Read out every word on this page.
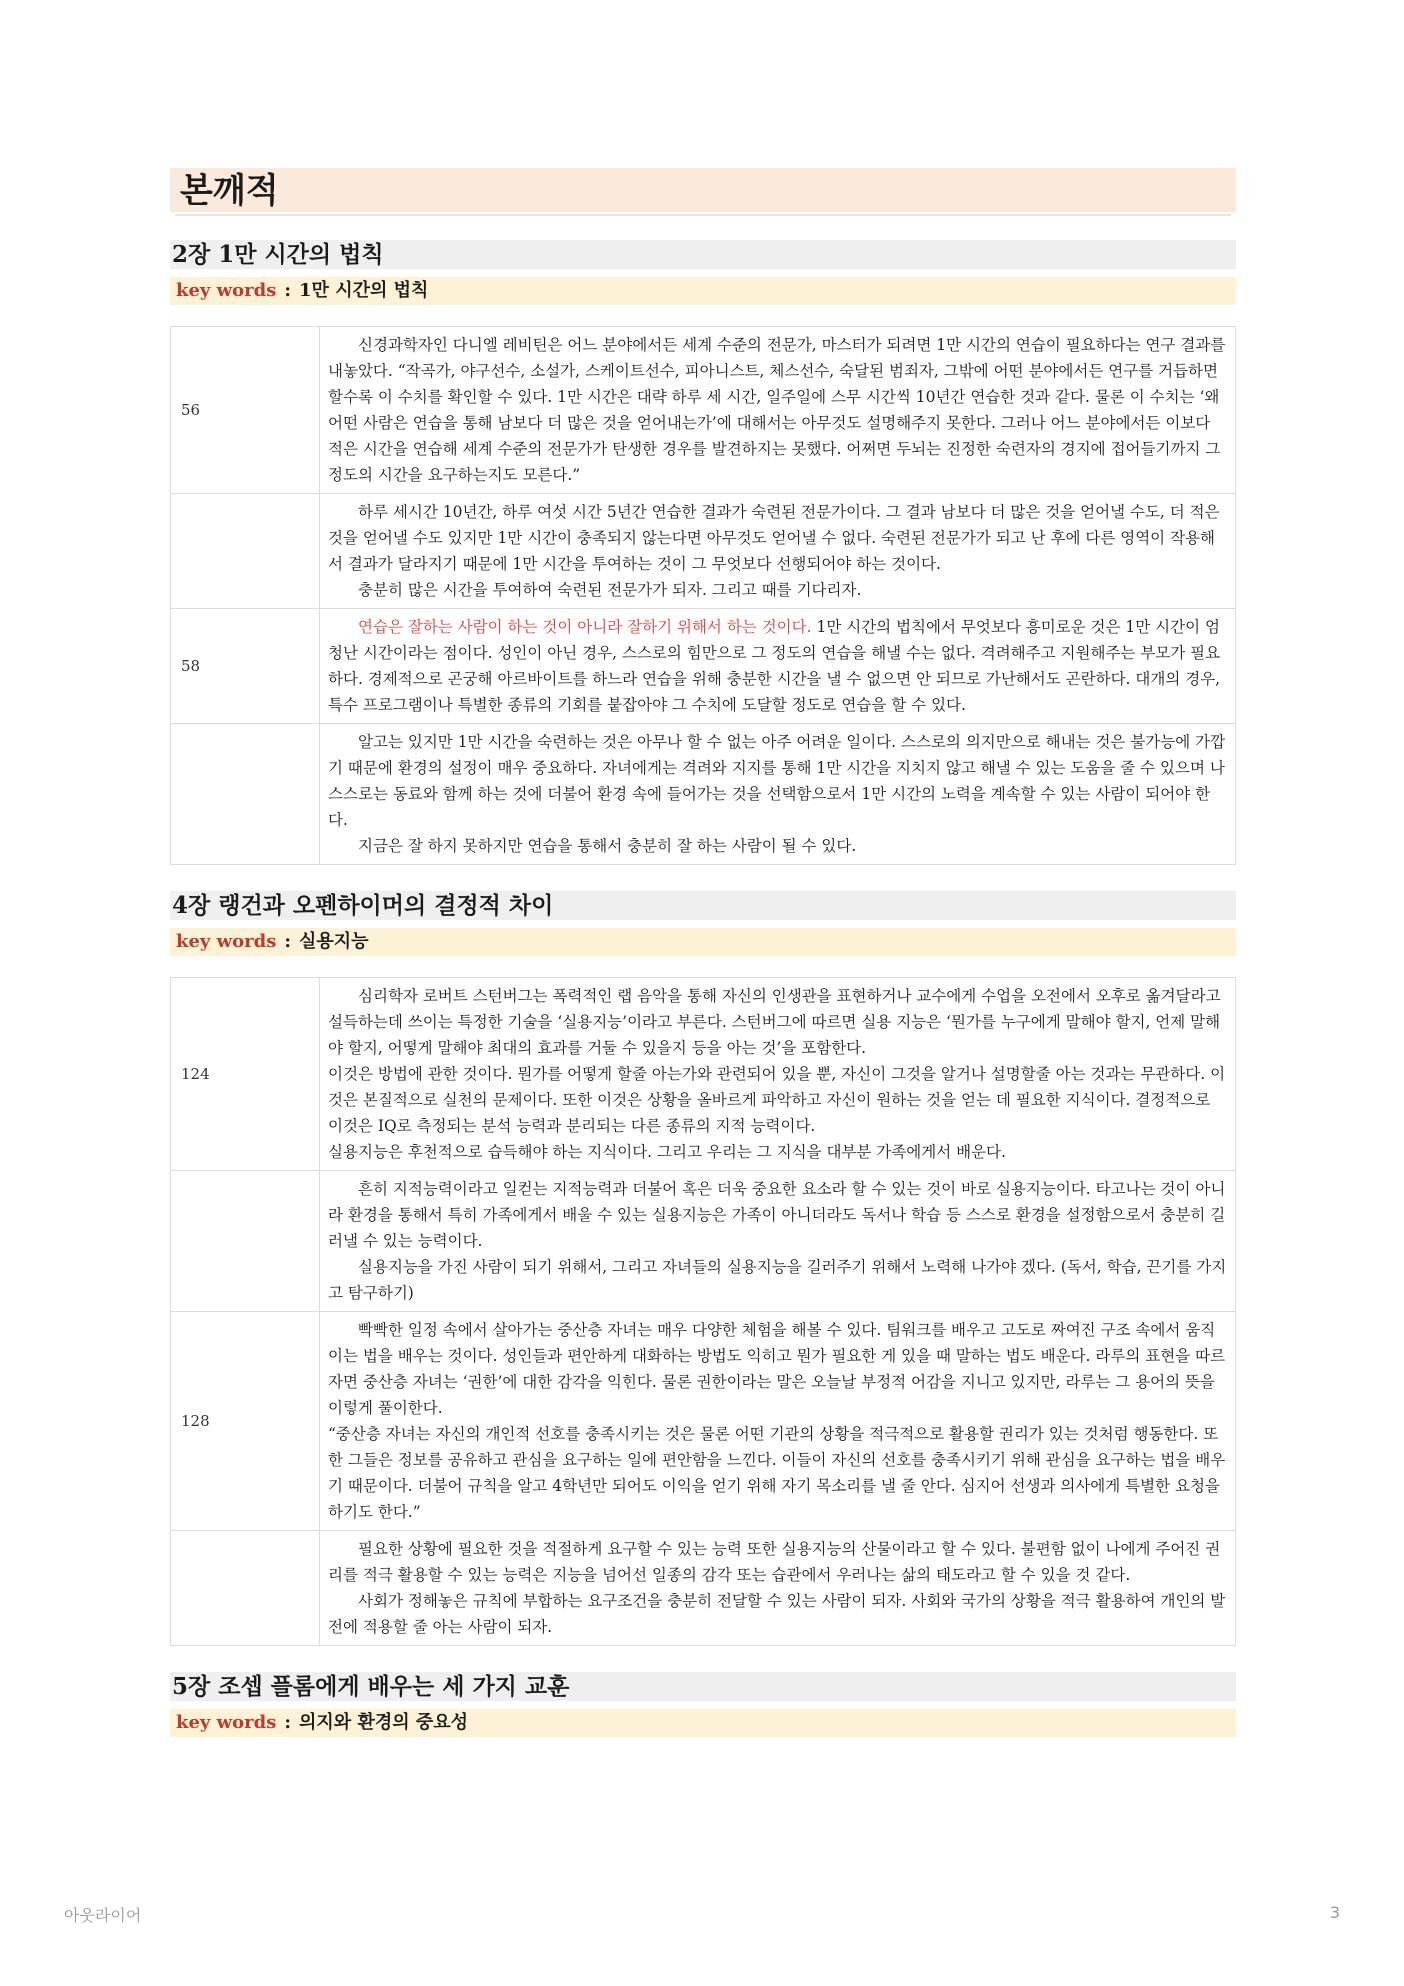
본깨적
2장 1만 시간의 법칙
key words : 1만 시간의 법칙
56	신경과학자인 다니엘 레비틴은 어느 분야에서든 세계 수준의 전문가, 마스터가 되려면 1만 시간의 연습이 필요하다는 연구 결과를 내놓았다. “작곡가, 야구선수, 소설가, 스케이트선수, 피아니스트, 체스선수, 숙달된 범죄자, 그밖에 어떤 분야에서든 연구를 거듭하면 할수록 이 수치를 확인할 수 있다. 1만 시간은 대략 하루 세 시간, 일주일에 스무 시간씩 10년간 연습한 것과 같다. 물론 이 수치는 ‘왜 어떤 사람은 연습을 통해 남보다 더 많은 것을 얻어내는가’에 대해서는 아무것도 설명해주지 못한다. 그러나 어느 분야에서든 이보다 적은 시간을 연습해 세계 수준의 전문가가 탄생한 경우를 발견하지는 못했다. 어쩌면 두뇌는 진정한 숙련자의 경지에 접어들기까지 그 정도의 시간을 요구하는지도 모른다.”

	하루 세시간 10년간, 하루 여섯 시간 5년간 연습한 결과가 숙련된 전문가이다. 그 결과 남보다 더 많은 것을 얻어낼 수도, 더 적은 것을 얻어낼 수도 있지만 1만 시간이 충족되지 않는다면 아무것도 얻어낼 수 없다. 숙련된 전문가가 되고 난 후에 다른 영역이 작용해서 결과가 달라지기 때문에 1만 시간을 투여하는 것이 그 무엇보다 선행되어야 하는 것이다.
충분히 많은 시간을 투여하여 숙련된 전문가가 되자. 그리고 때를 기다리자.

58	연습은 잘하는 사람이 하는 것이 아니라 잘하기 위해서 하는 것이다. 1만 시간의 법칙에서 무엇보다 흥미로운 것은 1만 시간이 엄청난 시간이라는 점이다. 성인이 아닌 경우, 스스로의 힘만으로 그 정도의 연습을 해낼 수는 없다. 격려해주고 지원해주는 부모가 필요하다. 경제적으로 곤궁해 아르바이트를 하느라 연습을 위해 충분한 시간을 낼 수 없으면 안 되므로 가난해서도 곤란하다. 대개의 경우, 특수 프로그램이나 특별한 종류의 기회를 붙잡아야 그 수치에 도달할 정도로 연습을 할 수 있다.

	알고는 있지만 1만 시간을 숙련하는 것은 아무나 할 수 없는 아주 어려운 일이다. 스스로의 의지만으로 해내는 것은 불가능에 가깝기 때문에 환경의 설정이 매우 중요하다. 자녀에게는 격려와 지지를 통해 1만 시간을 지치지 않고 해낼 수 있는 도움을 줄 수 있으며 나 스스로는 동료와 함께 하는 것에 더불어 환경 속에 들어가는 것을 선택함으로서 1만 시간의 노력을 계속할 수 있는 사람이 되어야 한다.
지금은 잘 하지 못하지만 연습을 통해서 충분히 잘 하는 사람이 될 수 있다.
4장 랭건과 오펜하이머의 결정적 차이
key words : 실용지능
124	심리학자 로버트 스턴버그는 폭력적인 랩 음악을 통해 자신의 인생관을 표현하거나 교수에게 수업을 오전에서 오후로 옮겨달라고 설득하는데 쓰이는 특정한 기술을 ‘실용지능’이라고 부른다. 스턴버그에 따르면 실용 지능은 ‘뭔가를 누구에게 말해야 할지, 언제 말해야 할지, 어떻게 말해야 최대의 효과를 거둘 수 있을지 등을 아는 것’을 포함한다.
이것은 방법에 관한 것이다. 뭔가를 어떻게 할줄 아는가와 관련되어 있을 뿐, 자신이 그것을 알거나 설명할줄 아는 것과는 무관하다. 이것은 본질적으로 실천의 문제이다. 또한 이것은 상황을 올바르게 파악하고 자신이 원하는 것을 얻는 데 필요한 지식이다. 결정적으로 이것은 IQ로 측정되는 분석 능력과 분리되는 다른 종류의 지적 능력이다.
실용지능은 후천적으로 습득해야 하는 지식이다. 그리고 우리는 그 지식을 대부분 가족에게서 배운다.

	흔히 지적능력이라고 일컫는 지적능력과 더불어 혹은 더욱 중요한 요소라 할 수 있는 것이 바로 실용지능이다. 타고나는 것이 아니라 환경을 통해서 특히 가족에게서 배울 수 있는 실용지능은 가족이 아니더라도 독서나 학습 등 스스로 환경을 설정함으로서 충분히 길러낼 수 있는 능력이다.
실용지능을 가진 사람이 되기 위해서, 그리고 자녀들의 실용지능을 길러주기 위해서 노력해 나가야 겠다. (독서, 학습, 끈기를 가지고 탐구하기)

128	빡빡한 일정 속에서 살아가는 중산층 자녀는 매우 다양한 체험을 해볼 수 있다. 팀워크를 배우고 고도로 짜여진 구조 속에서 움직이는 법을 배우는 것이다. 성인들과 편안하게 대화하는 방법도 익히고 뭔가 필요한 게 있을 때 말하는 법도 배운다. 라루의 표현을 따르자면 중산층 자녀는 ‘권한’에 대한 감각을 익힌다. 물론 권한이라는 말은 오늘날 부정적 어감을 지니고 있지만, 라루는 그 용어의 뜻을 이렇게 풀이한다.
“중산층 자녀는 자신의 개인적 선호를 충족시키는 것은 물론 어떤 기관의 상황을 적극적으로 활용할 권리가 있는 것처럼 행동한다. 또한 그들은 정보를 공유하고 관심을 요구하는 일에 편안함을 느낀다. 이들이 자신의 선호를 충족시키기 위해 관심을 요구하는 법을 배우기 때문이다. 더불어 규칙을 알고 4학년만 되어도 이익을 얻기 위해 자기 목소리를 낼 줄 안다. 심지어 선생과 의사에게 특별한 요청을 하기도 한다.”

	필요한 상황에 필요한 것을 적절하게 요구할 수 있는 능력 또한 실용지능의 산물이라고 할 수 있다. 불편함 없이 나에게 주어진 권리를 적극 활용할 수 있는 능력은 지능을 넘어선 일종의 감각 또는 습관에서 우러나는 삶의 태도라고 할 수 있을 것 같다.
사회가 정해놓은 규칙에 부합하는 요구조건을 충분히 전달할 수 있는 사람이 되자. 사회와 국가의 상황을 적극 활용하여 개인의 발전에 적용할 줄 아는 사람이 되자.
5장 조셉 플롬에게 배우는 세 가지 교훈
key words : 의지와 환경의 중요성
아웃라이어	3
